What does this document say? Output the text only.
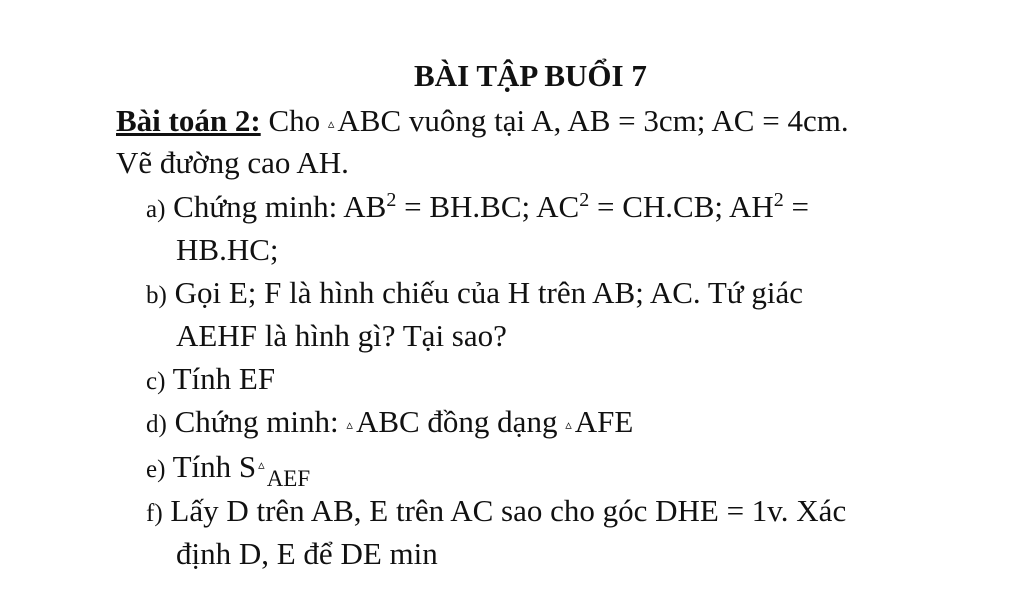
BÀI TẬP BUỔI 7
Bài toán 2: Cho ▵ABC vuông tại A, AB = 3cm; AC = 4cm.
Vẽ đường cao AH.
a) Chứng minh: $AB^2 = BH.BC$; $AC^2 = CH.CB$; $AH^2$ =
HB.HC;
b) Gọi E; F là hình chiếu của H trên AB; AC. Tứ giác
AEHF là hình gì? Tại sao?
c) Tính EF
d) Chứng minh: ▵ABC đồng dạng ▵AFE
e) Tính S ▵$_{AEF}$
f) Lấy D trên AB, E trên AC sao cho góc DHE = 1v. Xác
định D, E để DE min
